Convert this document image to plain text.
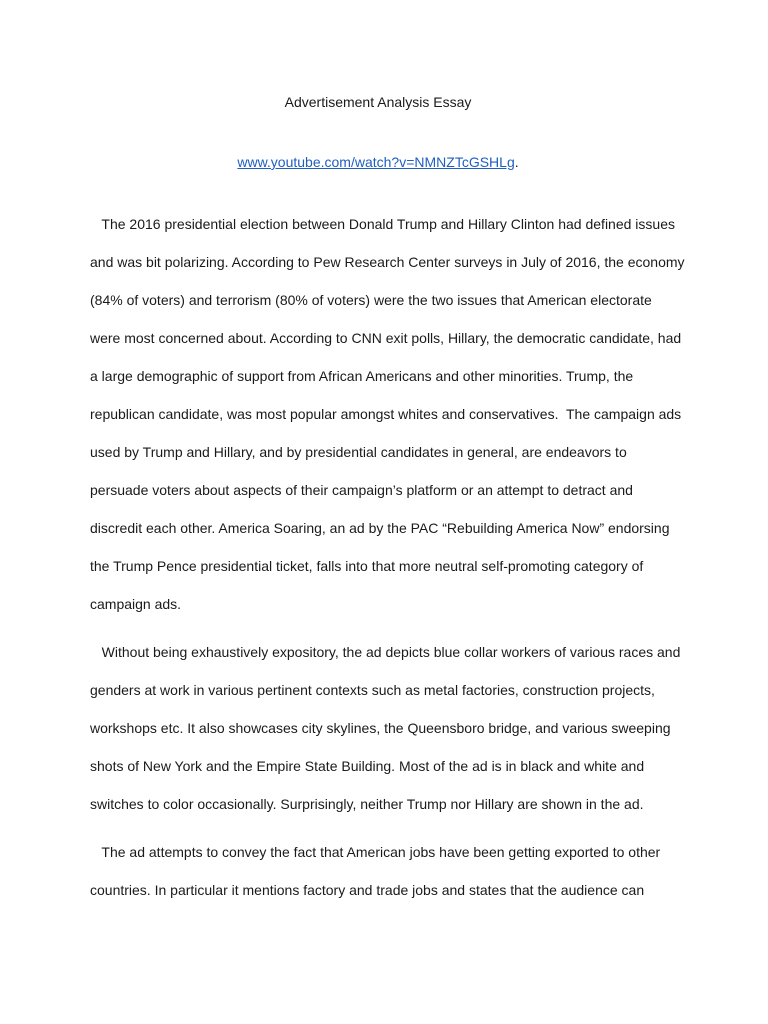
Advertisement Analysis Essay
www.youtube.com/watch?v=NMNZTcGSHLg.
The 2016 presidential election between Donald Trump and Hillary Clinton had defined issues
and was bit polarizing. According to Pew Research Center surveys in July of 2016, the economy
(84% of voters) and terrorism (80% of voters) were the two issues that American electorate
were most concerned about. According to CNN exit polls, Hillary, the democratic candidate, had
a large demographic of support from African Americans and other minorities. Trump, the
republican candidate, was most popular amongst whites and conservatives.  The campaign ads
used by Trump and Hillary, and by presidential candidates in general, are endeavors to
persuade voters about aspects of their campaign’s platform or an attempt to detract and
discredit each other. America Soaring, an ad by the PAC “Rebuilding America Now” endorsing
the Trump Pence presidential ticket, falls into that more neutral self-promoting category of
campaign ads.
Without being exhaustively expository, the ad depicts blue collar workers of various races and
genders at work in various pertinent contexts such as metal factories, construction projects,
workshops etc. It also showcases city skylines, the Queensboro bridge, and various sweeping
shots of New York and the Empire State Building. Most of the ad is in black and white and
switches to color occasionally. Surprisingly, neither Trump nor Hillary are shown in the ad.
The ad attempts to convey the fact that American jobs have been getting exported to other
countries. In particular it mentions factory and trade jobs and states that the audience can
